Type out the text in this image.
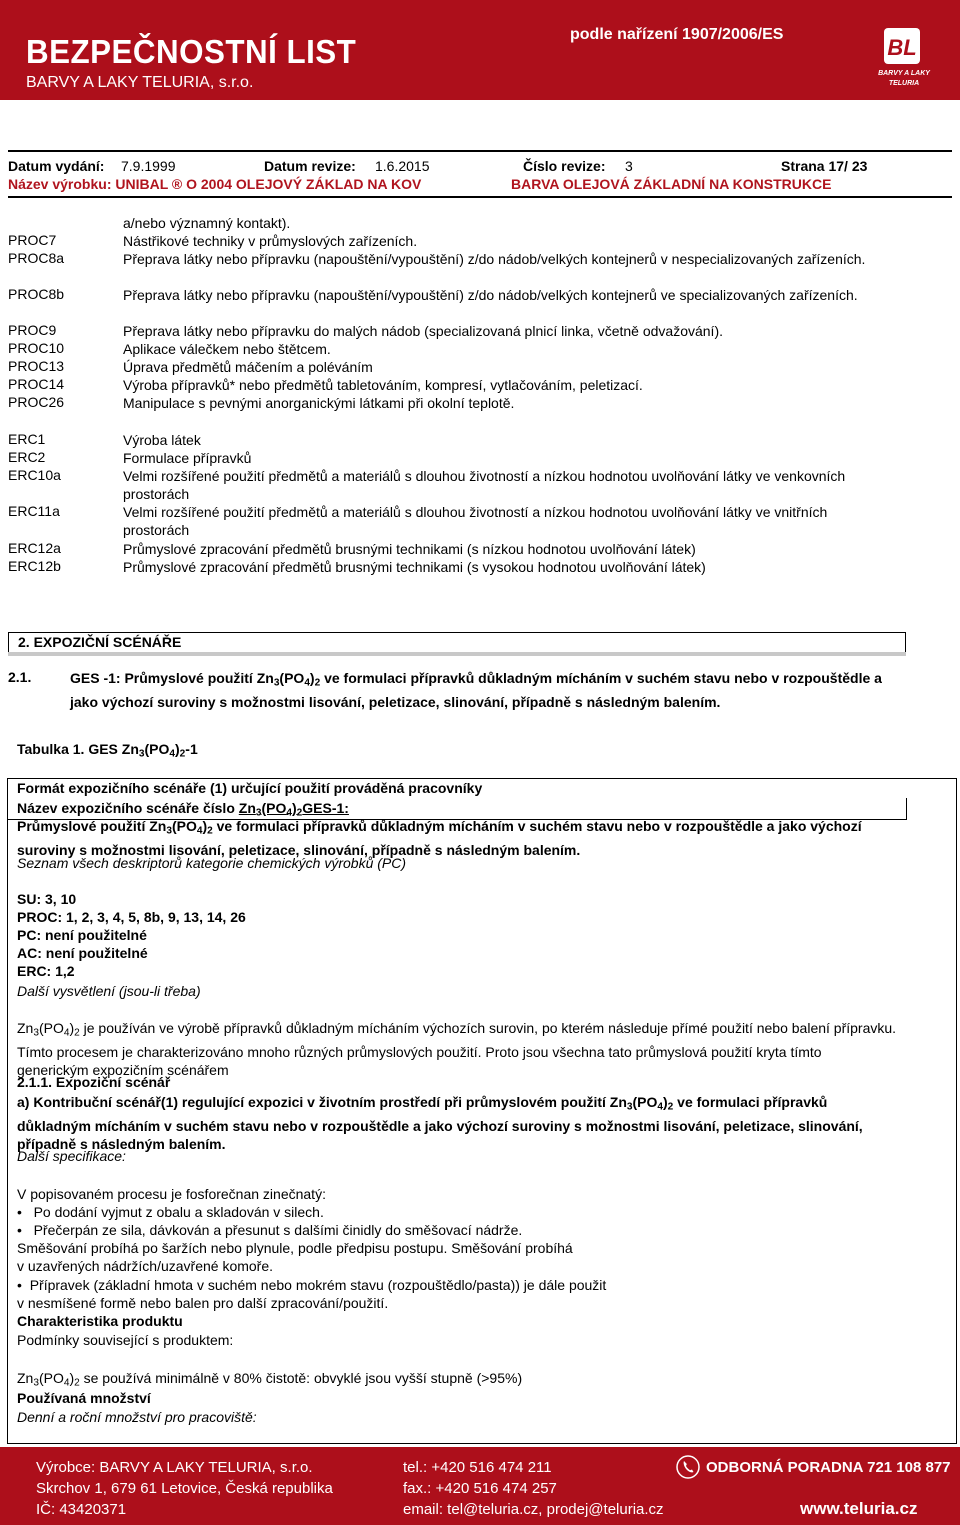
BEZPEČNOSTNÍ LIST
BARVY A LAKY TELURIA, s.r.o.
podle nařízení 1907/2006/ES
BL
BARVY A LAKY
TELURIA
Datum vydání: 7.9.1999	Datum revize: 1.6.2015	Číslo revize: 3	Strana 17/ 23
Název výrobku: UNIBAL ® O 2004 OLEJOVÝ ZÁKLAD NA KOV	BARVA OLEJOVÁ ZÁKLADNÍ NA KONSTRUKCE
a/nebo významný kontakt).
PROC7	Nástřikové techniky v průmyslových zařízeních.
PROC8a	Přeprava látky nebo přípravku (napouštění/vypouštění) z/do nádob/velkých kontejnerů v nespecializovaných zařízeních.
PROC8b	Přeprava látky nebo přípravku (napouštění/vypouštění) z/do nádob/velkých kontejnerů ve specializovaných zařízeních.
PROC9	Přeprava látky nebo přípravku do malých nádob (specializovaná plnicí linka, včetně odvažování).
PROC10	Aplikace válečkem nebo štětcem.
PROC13	Úprava předmětů máčením a poléváním
PROC14	Výroba přípravků* nebo předmětů tabletováním, kompresí, vytlačováním, peletizací.
PROC26	Manipulace s pevnými anorganickými látkami při okolní teplotě.
ERC1	Výroba látek
ERC2	Formulace přípravků
ERC10a	Velmi rozšířené použití předmětů a materiálů s dlouhou životností a nízkou hodnotou uvolňování látky ve venkovních prostorách
ERC11a	Velmi rozšířené použití předmětů a materiálů s dlouhou životností a nízkou hodnotou uvolňování látky ve vnitřních prostorách
ERC12a	Průmyslové zpracování předmětů brusnými technikami (s nízkou hodnotou uvolňování látek)
ERC12b	Průmyslové zpracování předmětů brusnými technikami (s vysokou hodnotou uvolňování látek)
2. EXPOZIČNÍ SCÉNÁŘE
2.1.	GES -1: Průmyslové použití $Zn_3(PO_4)_2$ ve formulaci přípravků důkladným mícháním v suchém stavu nebo v rozpouštědle a jako výchozí suroviny s možnostmi lisování, peletizace, slinování, případně s následným balením.
Tabulka 1. GES $Zn_3(PO_4)_2-1$
Formát expozičního scénáře (1) určující použití prováděná pracovníky
Název expozičního scénáře číslo $Zn_3(PO_4)_2GES-1$:
Průmyslové použití $Zn_3(PO_4)_2$ ve formulaci přípravků důkladným mícháním v suchém stavu nebo v rozpouštědle a jako výchozí suroviny s možnostmi lisování, peletizace, slinování, případně s následným balením.
Seznam všech deskriptorů kategorie chemických výrobků (PC)
SU: 3, 10
PROC: 1, 2, 3, 4, 5, 8b, 9, 13, 14, 26
PC: není použitelné
AC: není použitelné
ERC: 1,2
Další vysvětlení (jsou-li třeba)
$Zn_3(PO_4)_2$ je používán ve výrobě přípravků důkladným mícháním výchozích surovin, po kterém následuje přímé použití nebo balení přípravku. Tímto procesem je charakterizováno mnoho různých průmyslových použití. Proto jsou všechna tato průmyslová použití kryta tímto generickým expozičním scénářem
2.1.1. Expoziční scénář
a) Kontribuční scénář(1) regulující expozici v životním prostředí při průmyslovém použití $Zn_3(PO_4)_2$ ve formulaci přípravků důkladným mícháním v suchém stavu nebo v rozpouštědle a jako výchozí suroviny s možnostmi lisování, peletizace, slinování, případně s následným balením.
Další specifikace:
V popisovaném procesu je fosforečnan zinečnatý:
•   Po dodání vyjmut z obalu a skladován v silech.
•   Přečerpán ze sila, dávkován a přesunut s dalšími činidly do směšovací nádrže.
Směšování probíhá po šaržích nebo plynule, podle předpisu postupu. Směšování probíhá
v uzavřených nádržích/uzavřené komoře.
•  Přípravek (základní hmota v suchém nebo mokrém stavu (rozpouštědlo/pasta)) je dále použit
v nesmíšené formě nebo balen pro další zpracování/použití.
Charakteristika produktu
Podmínky související s produktem:
$Zn_3(PO_4)_2$ se používá minimálně v 80% čistotě: obvyklé jsou vyšší stupně (>95%)
Používaná množství
Denní a roční množství pro pracoviště:
Výrobce: BARVY A LAKY TELURIA, s.r.o.
Skrchov 1, 679 61 Letovice, Česká republika
IČ: 43420371
tel.: +420 516 474 211
fax.: +420 516 474 257
email: tel@teluria.cz, prodej@teluria.cz
ODBORNÁ PORADNA 721 108 877
www.teluria.cz
